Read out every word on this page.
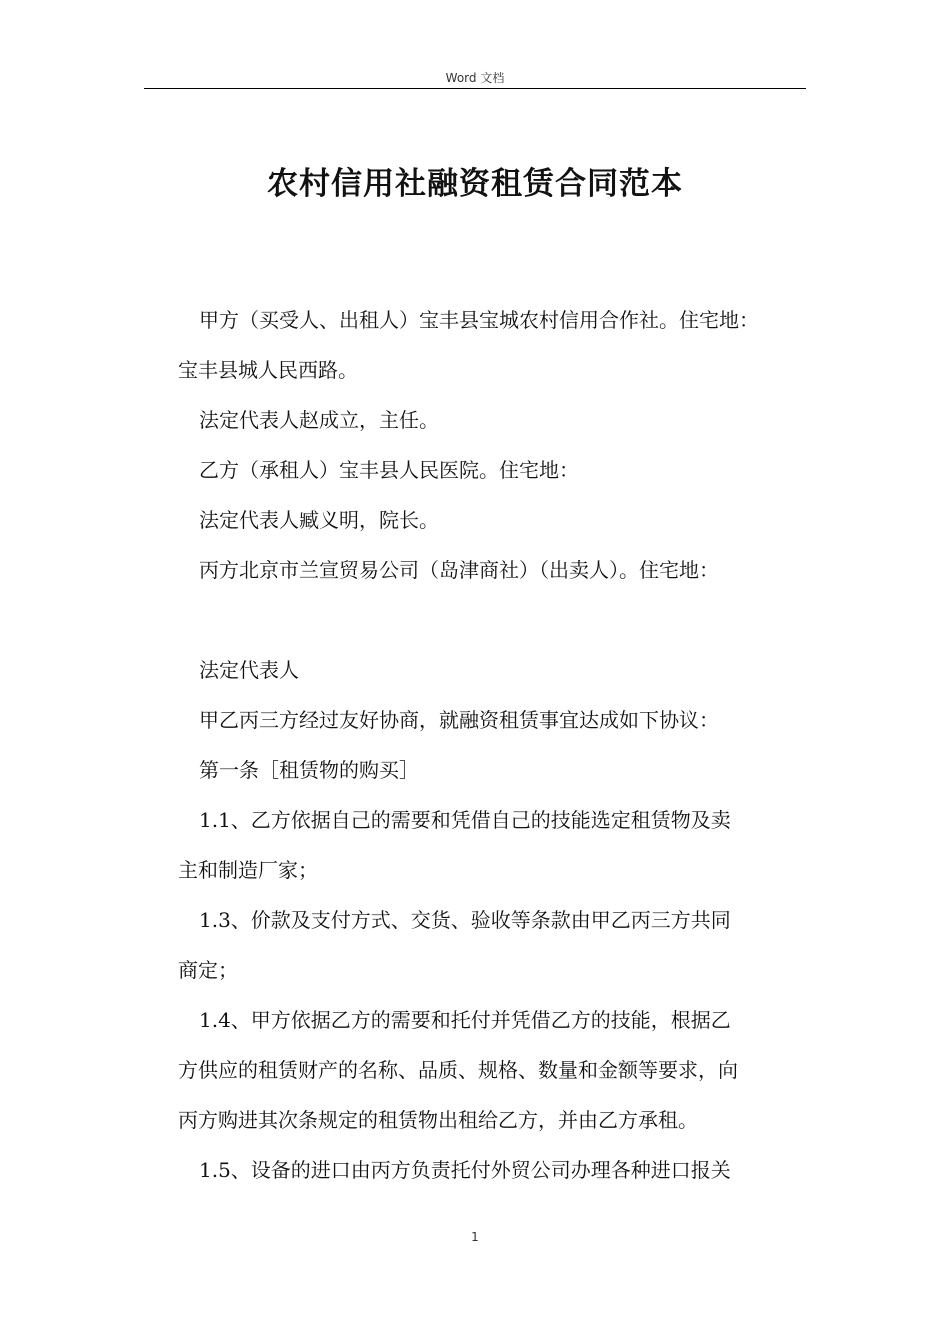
Word 文档
农村信用社融资租赁合同范本

甲方（买受人、出租人）宝丰县宝城农村信用合作社。住宅地：

宝丰县城人民西路。

法定代表人赵成立，主任。

乙方（承租人）宝丰县人民医院。住宅地：

法定代表人臧义明，院长。

丙方北京市兰宣贸易公司（岛津商社）（出卖人）。住宅地：

法定代表人

甲乙丙三方经过友好协商，就融资租赁事宜达成如下协议：

第一条［租赁物的购买］

1.1、乙方依据自己的需要和凭借自己的技能选定租赁物及卖

主和制造厂家；

1.3、价款及支付方式、交货、验收等条款由甲乙丙三方共同

商定；

1.4、甲方依据乙方的需要和托付并凭借乙方的技能，根据乙

方供应的租赁财产的名称、品质、规格、数量和金额等要求，向

丙方购进其次条规定的租赁物出租给乙方，并由乙方承租。

1.5、设备的进口由丙方负责托付外贸公司办理各种进口报关

1
